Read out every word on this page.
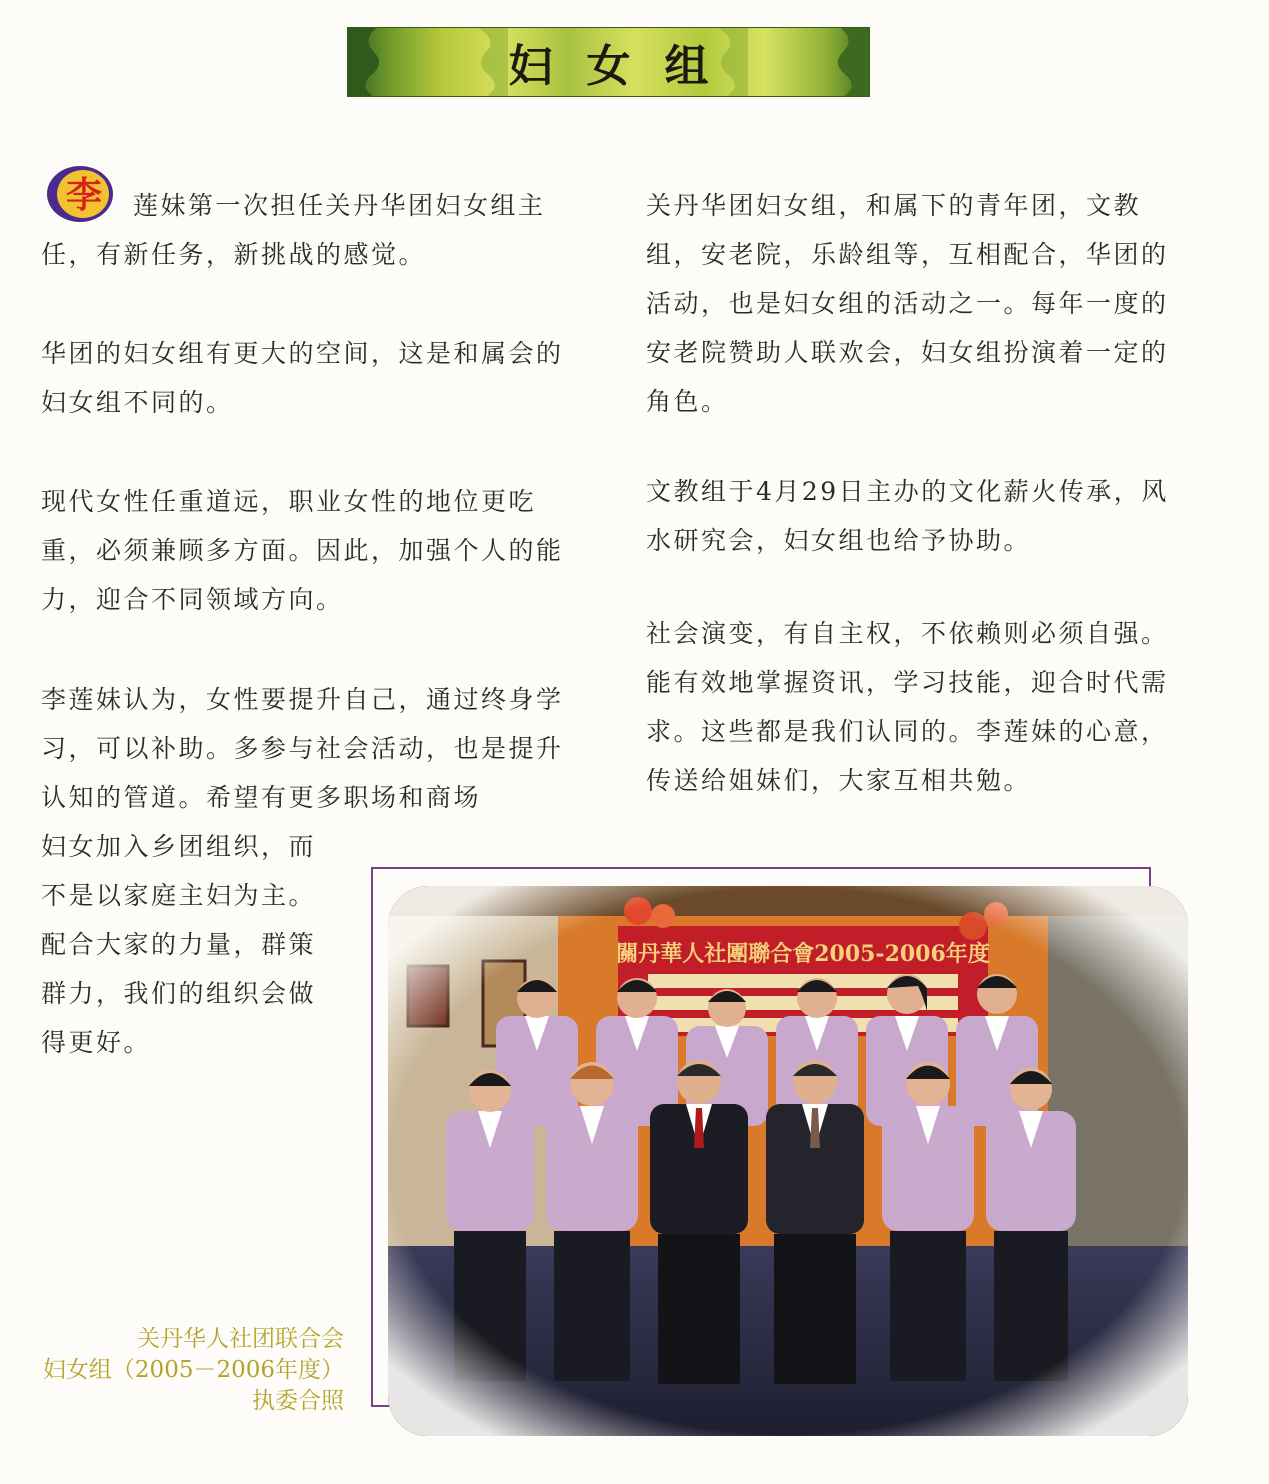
妇女组
李	莲妹第一次担任关丹华团妇女组主任，有新任务，新挑战的感觉。

华团的妇女组有更大的空间，这是和属会的妇女组不同的。

现代女性任重道远，职业女性的地位更吃重，必须兼顾多方面。因此，加强个人的能力，迎合不同领域方向。

李莲妹认为，女性要提升自己，通过终身学习，可以补助。多参与社会活动，也是提升认知的管道。希望有更多职场和商场

妇女加入乡团组织，而
不是以家庭主妇为主。
配合大家的力量，群策
群力，我们的组织会做
得更好。

关丹华团妇女组，和属下的青年团，文教组，安老院，乐龄组等，互相配合，华团的活动，也是妇女组的活动之一。每年一度的安老院赞助人联欢会，妇女组扮演着一定的角色。

文教组于4月29日主办的文化薪火传承，风水研究会，妇女组也给予协助。

社会演变，有自主权，不依赖则必须自强。能有效地掌握资讯，学习技能，迎合时代需求。这些都是我们认同的。李莲妹的心意，传送给姐妹们，大家互相共勉。

关丹华人社团联合会
妇女组（2005－2006年度）
执委合照
